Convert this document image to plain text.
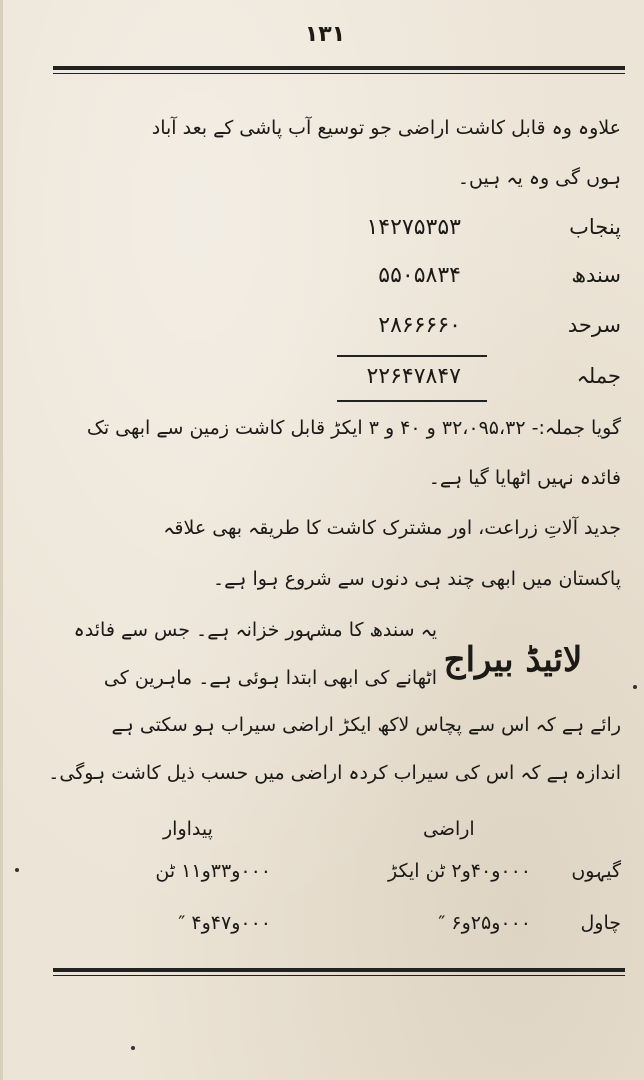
۱۳۱
علاوہ وہ قابل کاشت اراضی جو توسیع آب پاشی کے بعد آباد
ہوں گی وہ یہ ہیں۔
پنجاب
۱۴۲۷۵۳۵۳
سندھ
۵۵۰۵۸۳۴
سرحد
۲۸۶۶۶۶۰
جملہ
۲۲۶۴۷۸۴۷
گویا جملہ:- ۳۲،۰۹۵،۳۲ و ۴۰ و ۳ ایکڑ قابل کاشت زمین سے ابھی تک
فائدہ نہیں اٹھایا گیا ہے۔
جدید آلاتِ زراعت، اور مشترک کاشت کا طریقہ بھی علاقہ
پاکستان میں ابھی چند ہی دنوں سے شروع ہوا ہے۔
لائیڈ بیراج
یہ سندھ کا مشہور خزانہ ہے۔ جس سے فائدہ
اٹھانے کی ابھی ابتدا ہوئی ہے۔ ماہرین کی
رائے ہے کہ اس سے پچاس لاکھ ایکڑ اراضی سیراب ہو سکتی ہے
اندازہ ہے کہ اس کی سیراب کردہ اراضی میں حسب ذیل کاشت ہوگی۔
اراضی
پیداوار
گیہوں
۰۰۰و۴۰و۲ ٹن ایکڑ
۰۰۰و۳۳و۱۱ ٹن
چاول
۰۰۰و۲۵و۶ ″
۰۰۰و۴۷و۴ ″
